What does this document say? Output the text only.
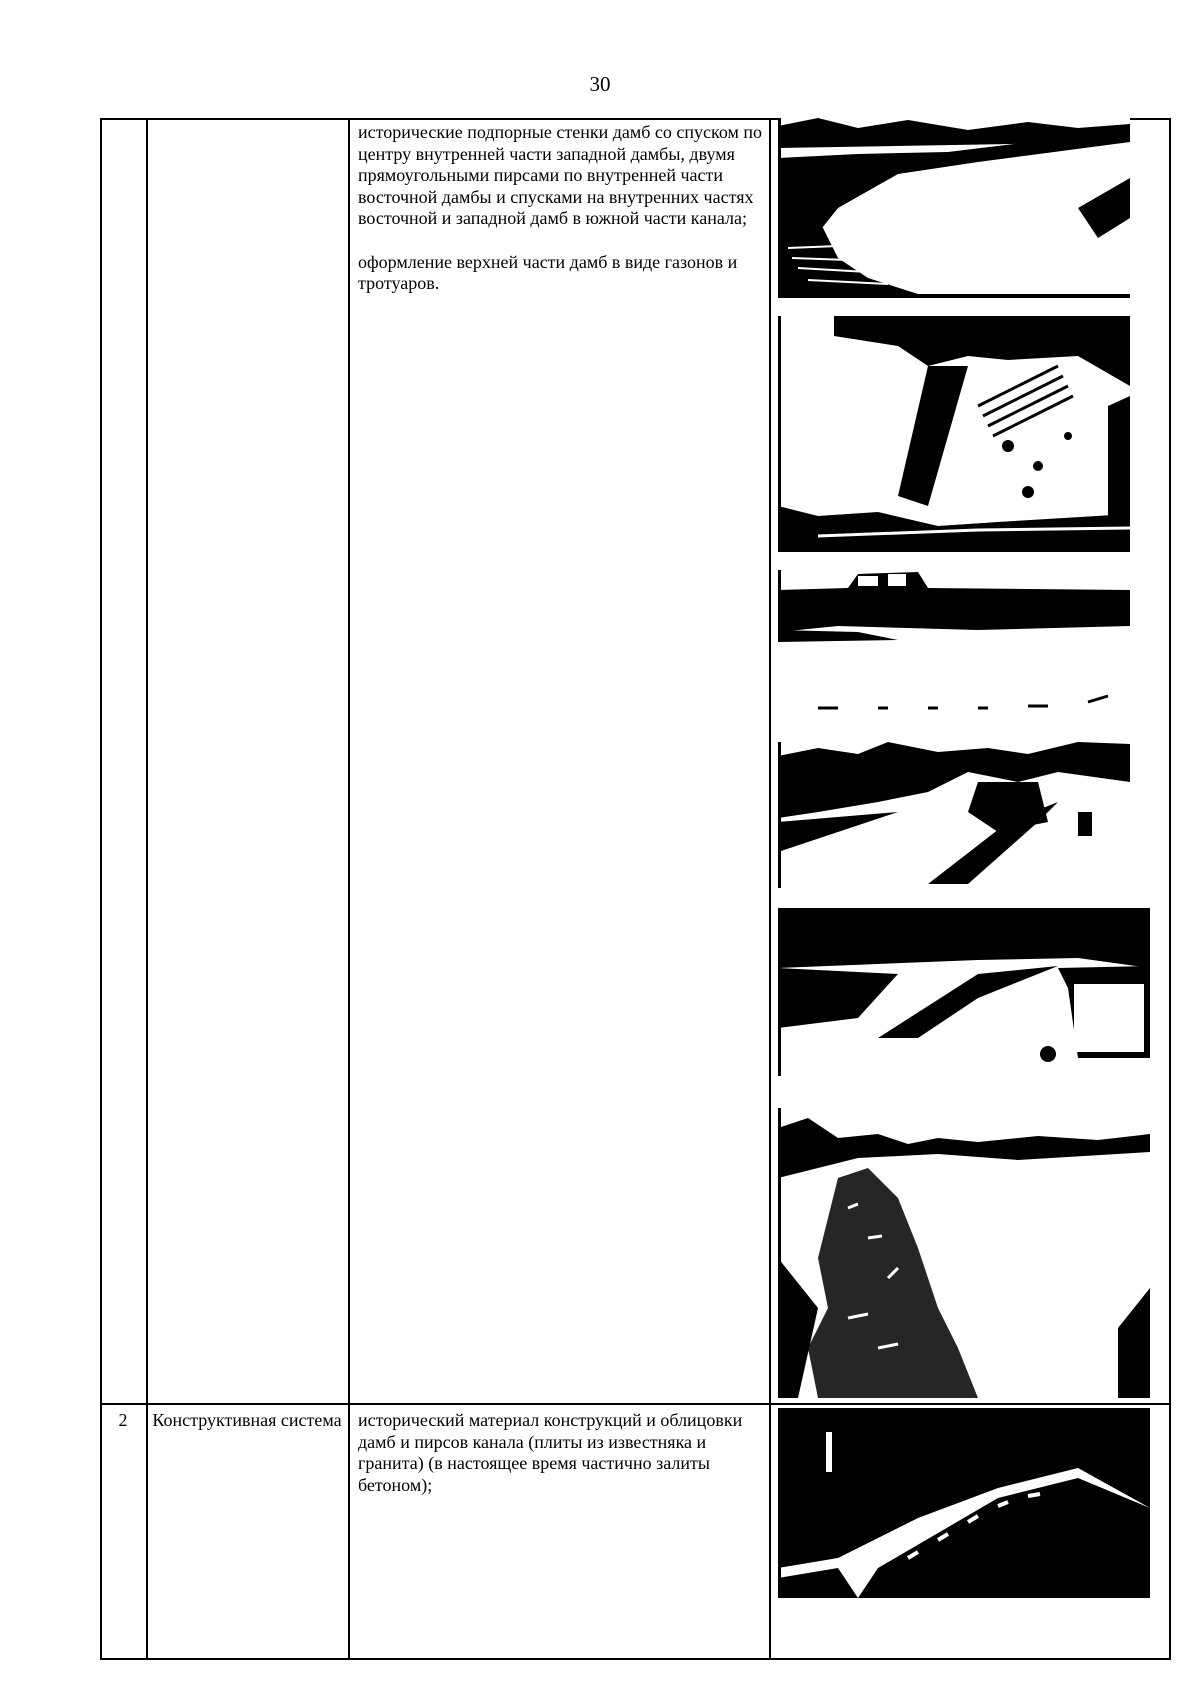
30

исторические подпорные стенки дамб со спуском по центру внутренней части западной дамбы, двумя прямоугольными пирсами по внутренней части восточной дамбы и спусками на внутренних частях восточной и западной дамб в южной части канала;

оформление верхней части дамб в виде газонов и тротуаров.

2	Конструктивная система исторический материал конструкций и облицовки дамб и пирсов канала (плиты из известняка и гранита) (в настоящее время частично залиты бетоном);
